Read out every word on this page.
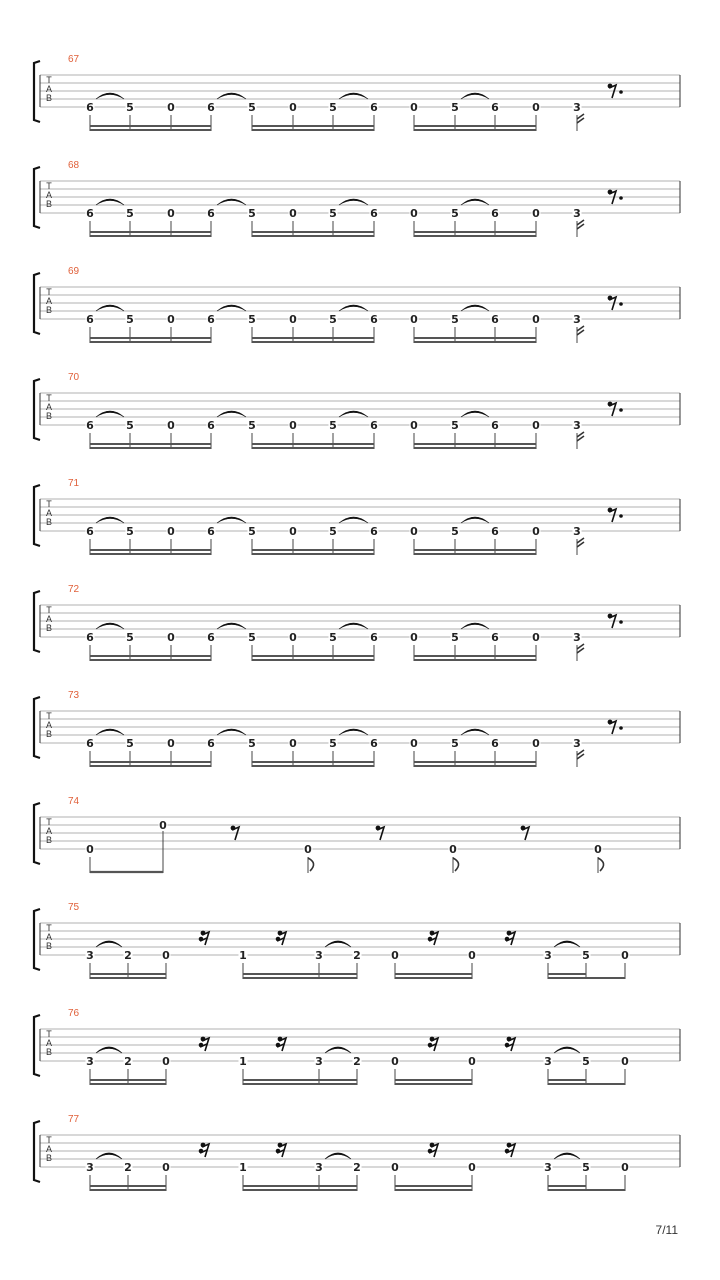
T
A
B
67
6	5	0	6	5	0	5	6	0	5	6	0	3
T
A
B
68
6	5	0	6	5	0	5	6	0	5	6	0	3
T
A
B
69
6	5	0	6	5	0	5	6	0	5	6	0	3
T
A
B
70
6	5	0	6	5	0	5	6	0	5	6	0	3
T
A
B
71
6	5	0	6	5	0	5	6	0	5	6	0	3
T
A
B
72
6	5	0	6	5	0	5	6	0	5	6	0	3
T
A
B
73
6	5	0	6	5	0	5	6	0	5	6	0	3
T
A
B
74
0
0
0	0	0
T
A
B
75
3	2	0	1	3	2	0	0	3	5	0
T
A
B
76
3	2	0	1	3	2	0	0	3	5	0
T
A
B
77
3	2	0	1	3	2	0	0	3	5	0
7/11
